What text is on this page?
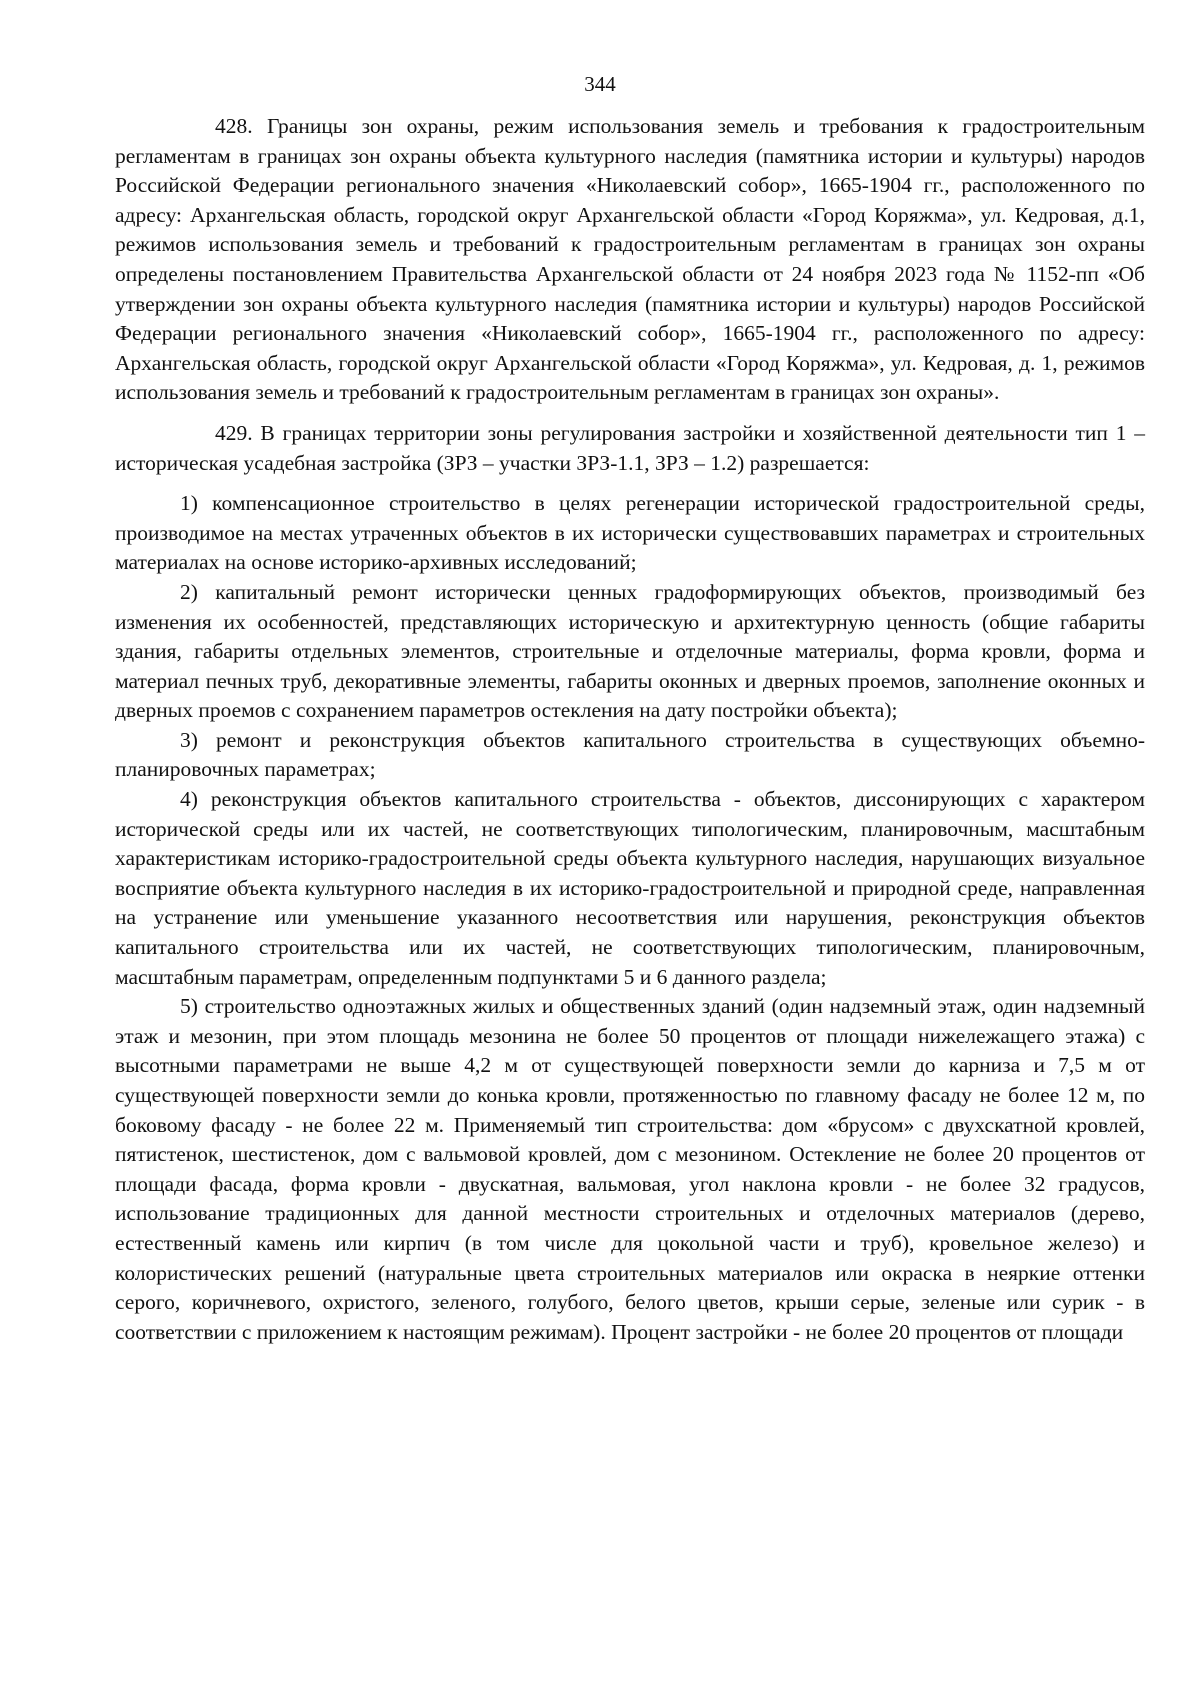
344

428. Границы зон охраны, режим использования земель и требования к градостроительным регламентам в границах зон охраны объекта культурного наследия (памятника истории и культуры) народов Российской Федерации регионального значения «Николаевский собор», 1665-1904 гг., расположенного по адресу: Архангельская область, городской округ Архангельской области «Город Коряжма», ул. Кедровая, д.1, режимов использования земель и требований к градостроительным регламентам в границах зон охраны определены постановлением Правительства Архангельской области от 24 ноября 2023 года № 1152-пп «Об утверждении зон охраны объекта культурного наследия (памятника истории и культуры) народов Российской Федерации регионального значения «Николаевский собор», 1665-1904 гг., расположенного по адресу: Архангельская область, городской округ Архангельской области «Город Коряжма», ул. Кедровая, д. 1, режимов использования земель и требований к градостроительным регламентам в границах зон охраны».

429. В границах территории зоны регулирования застройки и хозяйственной деятельности тип 1 – историческая усадебная застройка (ЗРЗ – участки ЗРЗ-1.1, ЗРЗ – 1.2) разрешается:

1) компенсационное строительство в целях регенерации исторической градостроительной среды, производимое на местах утраченных объектов в их исторически существовавших параметрах и строительных материалах на основе историко-архивных исследований;

2) капитальный ремонт исторически ценных градоформирующих объектов, производимый без изменения их особенностей, представляющих историческую и архитектурную ценность (общие габариты здания, габариты отдельных элементов, строительные и отделочные материалы, форма кровли, форма и материал печных труб, декоративные элементы, габариты оконных и дверных проемов, заполнение оконных и дверных проемов с сохранением параметров остекления на дату постройки объекта);

3) ремонт и реконструкция объектов капитального строительства в существующих объемно-планировочных параметрах;

4) реконструкция объектов капитального строительства - объектов, диссонирующих с характером исторической среды или их частей, не соответствующих типологическим, планировочным, масштабным характеристикам историко-градостроительной среды объекта культурного наследия, нарушающих визуальное восприятие объекта культурного наследия в их историко-градостроительной и природной среде, направленная на устранение или уменьшение указанного несоответствия или нарушения, реконструкция объектов капитального строительства или их частей, не соответствующих типологическим, планировочным, масштабным параметрам, определенным подпунктами 5 и 6 данного раздела;

5) строительство одноэтажных жилых и общественных зданий (один надземный этаж, один надземный этаж и мезонин, при этом площадь мезонина не более 50 процентов от площади нижележащего этажа) с высотными параметрами не выше 4,2 м от существующей поверхности земли до карниза и 7,5 м от существующей поверхности земли до конька кровли, протяженностью по главному фасаду не более 12 м, по боковому фасаду - не более 22 м. Применяемый тип строительства: дом «брусом» с двухскатной кровлей, пятистенок, шестистенок, дом с вальмовой кровлей, дом с мезонином. Остекление не более 20 процентов от площади фасада, форма кровли - двускатная, вальмовая, угол наклона кровли - не более 32 градусов, использование традиционных для данной местности строительных и отделочных материалов (дерево, естественный камень или кирпич (в том числе для цокольной части и труб), кровельное железо) и колористических решений (натуральные цвета строительных материалов или окраска в неяркие оттенки серого, коричневого, охристого, зеленого, голубого, белого цветов, крыши серые, зеленые или сурик - в соответствии с приложением к настоящим режимам). Процент застройки - не более 20 процентов от площади
